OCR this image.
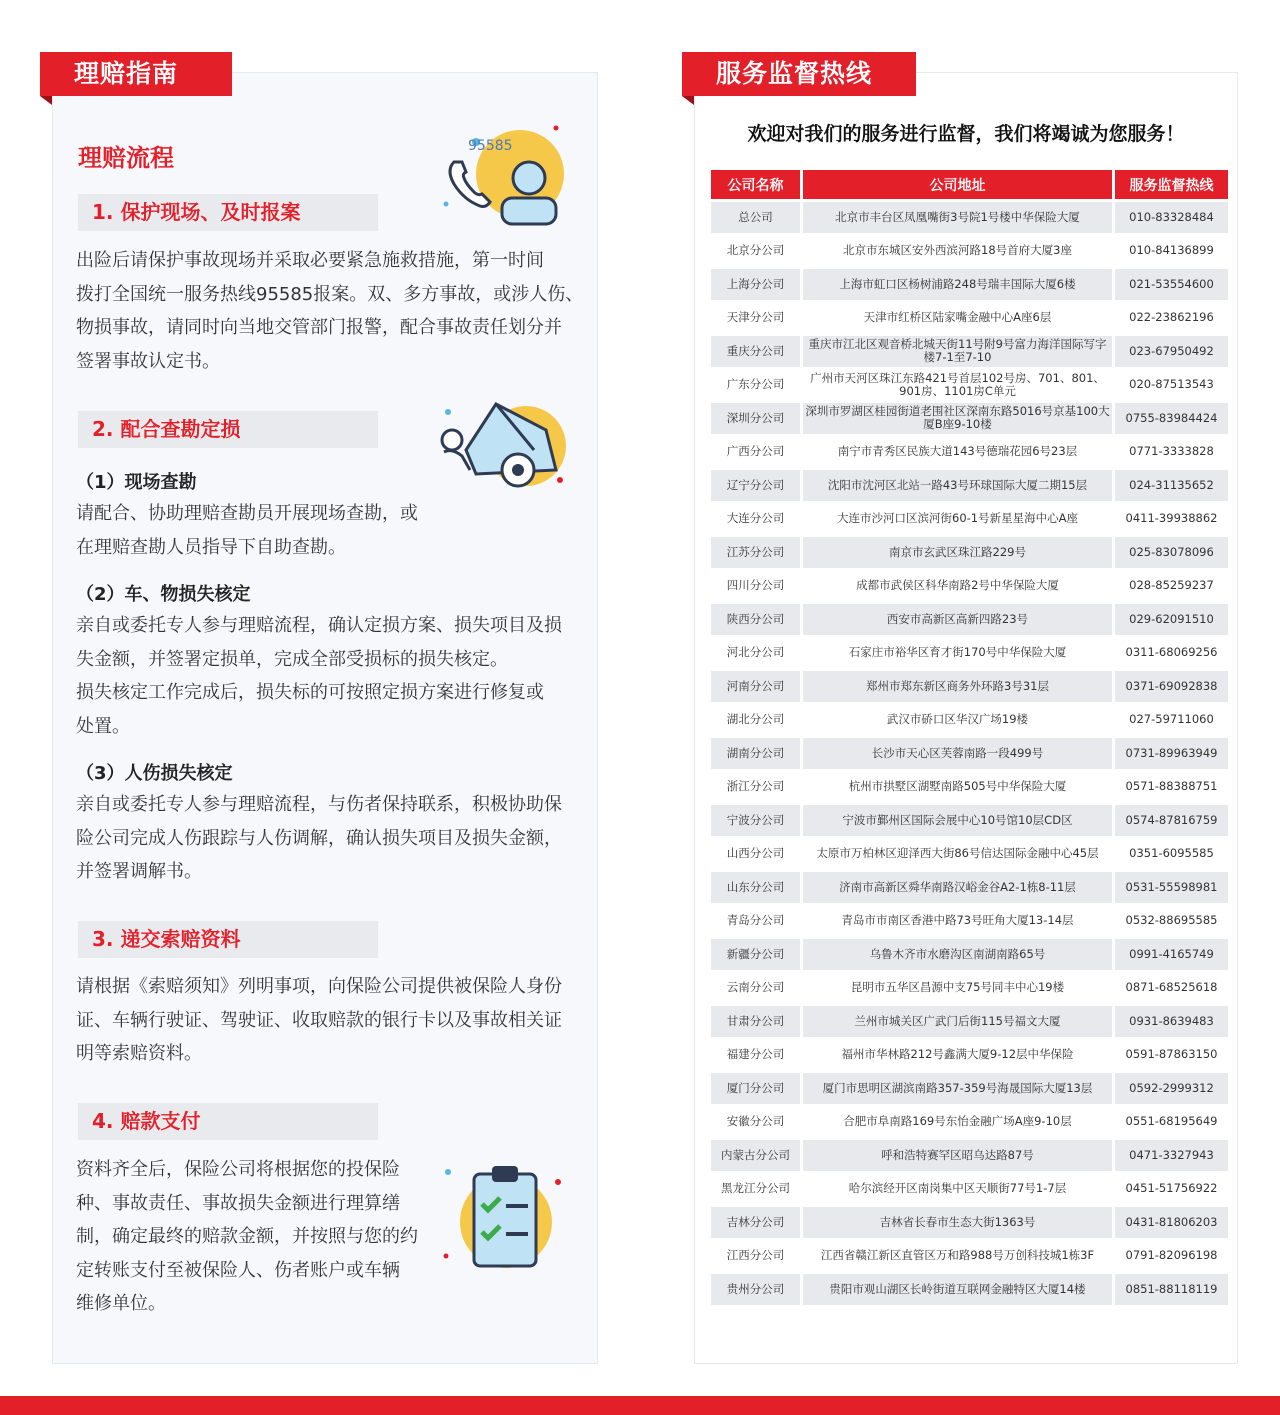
理赔指南
理赔流程	95585
1. 保护现场、及时报案
出险后请保护事故现场并采取必要紧急施救措施，第一时间
拨打全国统一服务热线95585报案。双、多方事故，或涉人伤、
物损事故，请同时向当地交管部门报警，配合事故责任划分并
签署事故认定书。
2. 配合查勘定损
（1）现场查勘
请配合、协助理赔查勘员开展现场查勘，或
在理赔查勘人员指导下自助查勘。
（2）车、物损失核定
亲自或委托专人参与理赔流程，确认定损方案、损失项目及损
失金额，并签署定损单，完成全部受损标的损失核定。
损失核定工作完成后，损失标的可按照定损方案进行修复或
处置。
（3）人伤损失核定
亲自或委托专人参与理赔流程，与伤者保持联系，积极协助保
险公司完成人伤跟踪与人伤调解，确认损失项目及损失金额，
并签署调解书。
3. 递交索赔资料
请根据《索赔须知》列明事项，向保险公司提供被保险人身份
证、车辆行驶证、驾驶证、收取赔款的银行卡以及事故相关证
明等索赔资料。
4. 赔款支付
资料齐全后，保险公司将根据您的投保险
种、事故责任、事故损失金额进行理算缮
制，确定最终的赔款金额，并按照与您的约
定转账支付至被保险人、伤者账户或车辆
维修单位。
服务监督热线
欢迎对我们的服务进行监督，我们将竭诚为您服务！
公司名称	公司地址	服务监督热线
总公司	北京市丰台区凤凰嘴街3号院1号楼中华保险大厦	010-83328484
北京分公司	北京市东城区安外西滨河路18号首府大厦3座	010-84136899
上海分公司	上海市虹口区杨树浦路248号瑞丰国际大厦6楼	021-53554600
天津分公司	天津市红桥区陆家嘴金融中心A座6层	022-23862196
重庆分公司	重庆市江北区观音桥北城天街11号附9号富力海洋国际写字楼7-1至7-10	023-67950492
广东分公司	广州市天河区珠江东路421号首层102号房、701、801、901房、1101房C单元	020-87513543
深圳分公司	深圳市罗湖区桂园街道老围社区深南东路5016号京基100大厦B座9-10楼	0755-83984424
广西分公司	南宁市青秀区民族大道143号德瑞花园6号23层	0771-3333828
辽宁分公司	沈阳市沈河区北站一路43号环球国际大厦二期15层	024-31135652
大连分公司	大连市沙河口区滨河街60-1号新星星海中心A座	0411-39938862
江苏分公司	南京市玄武区珠江路229号	025-83078096
四川分公司	成都市武侯区科华南路2号中华保险大厦	028-85259237
陕西分公司	西安市高新区高新四路23号	029-62091510
河北分公司	石家庄市裕华区育才街170号中华保险大厦	0311-68069256
河南分公司	郑州市郑东新区商务外环路3号31层	0371-69092838
湖北分公司	武汉市硚口区华汉广场19楼	027-59711060
湖南分公司	长沙市天心区芙蓉南路一段499号	0731-89963949
浙江分公司	杭州市拱墅区湖墅南路505号中华保险大厦	0571-88388751
宁波分公司	宁波市鄞州区国际会展中心10号馆10层CD区	0574-87816759
山西分公司	太原市万柏林区迎泽西大街86号信达国际金融中心45层	0351-6095585
山东分公司	济南市高新区舜华南路汉峪金谷A2-1栋8-11层	0531-55598981
青岛分公司	青岛市市南区香港中路73号旺角大厦13-14层	0532-88695585
新疆分公司	乌鲁木齐市水磨沟区南湖南路65号	0991-4165749
云南分公司	昆明市五华区昌源中支75号同丰中心19楼	0871-68525618
甘肃分公司	兰州市城关区广武门后街115号福文大厦	0931-8639483
福建分公司	福州市华林路212号鑫满大厦9-12层中华保险	0591-87863150
厦门分公司	厦门市思明区湖滨南路357-359号海晟国际大厦13层	0592-2999312
安徽分公司	合肥市阜南路169号东怡金融广场A座9-10层	0551-68195649
内蒙古分公司	呼和浩特赛罕区昭乌达路87号	0471-3327943
黑龙江分公司	哈尔滨经开区南岗集中区天顺街77号1-7层	0451-51756922
吉林分公司	吉林省长春市生态大街1363号	0431-81806203
江西分公司	江西省赣江新区直管区万和路988号万创科技城1栋3F	0791-82096198
贵州分公司	贵阳市观山湖区长岭街道互联网金融特区大厦14楼	0851-88118119
